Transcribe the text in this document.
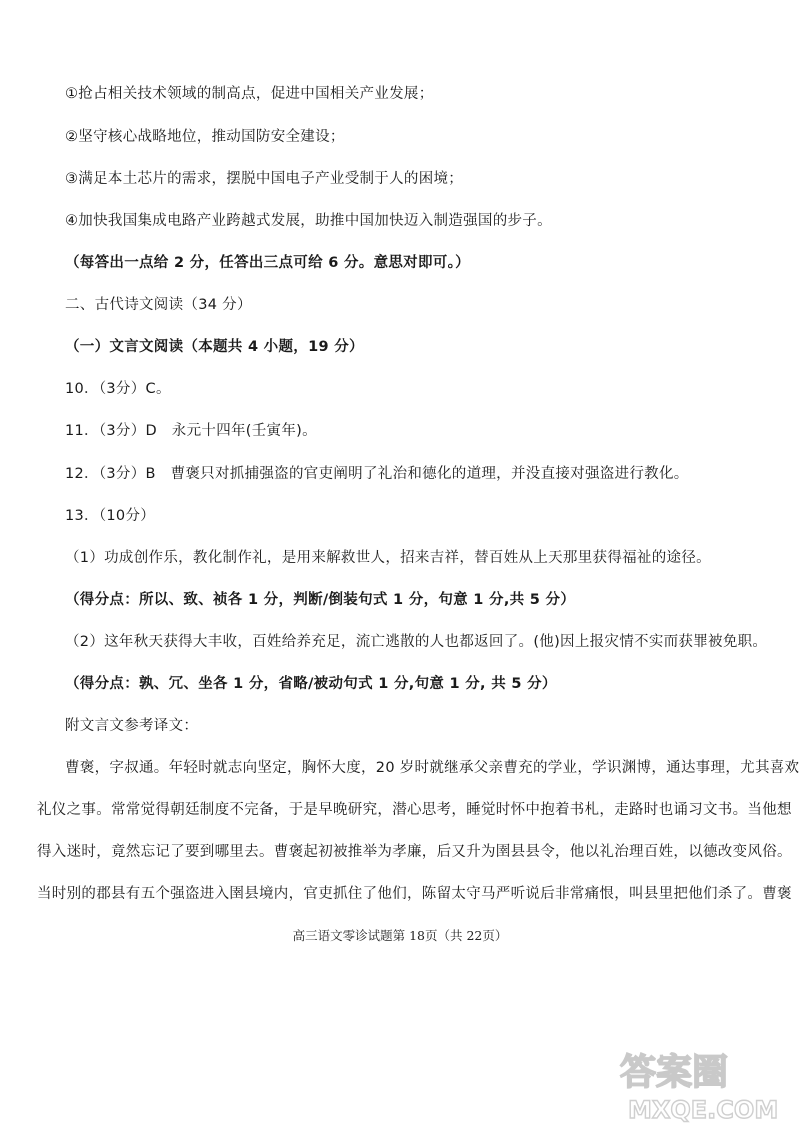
①抢占相关技术领域的制高点，促进中国相关产业发展；
②坚守核心战略地位，推动国防安全建设；
③满足本土芯片的需求，摆脱中国电子产业受制于人的困境；
④加快我国集成电路产业跨越式发展，助推中国加快迈入制造强国的步子。
（每答出一点给 2 分，任答出三点可给 6 分。意思对即可。）
二、古代诗文阅读（34 分）
（一）文言文阅读（本题共 4 小题，19 分）
10．（3分）C。
11．（3分）D　永元十四年(壬寅年)。
12．（3分）B　曹褒只对抓捕强盗的官吏阐明了礼治和德化的道理，并没直接对强盗进行教化。
13．（10分）
（1）功成创作乐，教化制作礼，是用来解救世人，招来吉祥，替百姓从上天那里获得福祉的途径。
（得分点：所以、致、祯各 1 分，判断/倒装句式 1 分，句意 1 分,共 5 分）
（2）这年秋天获得大丰收，百姓给养充足，流亡逃散的人也都返回了。(他)因上报灾情不实而获罪被免职。
（得分点：孰、冗、坐各 1 分，省略/被动句式 1 分,句意 1 分, 共 5 分）
附文言文参考译文：
曹褒，字叔通。年轻时就志向坚定，胸怀大度，20 岁时就继承父亲曹充的学业，学识渊博，通达事理，尤其喜欢
礼仪之事。常常觉得朝廷制度不完备，于是早晚研究，潜心思考，睡觉时怀中抱着书札，走路时也诵习文书。当他想
得入迷时，竟然忘记了要到哪里去。曹褒起初被推举为孝廉，后又升为圉县县令，他以礼治理百姓，以德改变风俗。
当时别的郡县有五个强盗进入圉县境内，官吏抓住了他们，陈留太守马严听说后非常痛恨，叫县里把他们杀了。曹褒
高三语文零诊试题第 18页（共 22页）
答案圈
MXQE.COM
